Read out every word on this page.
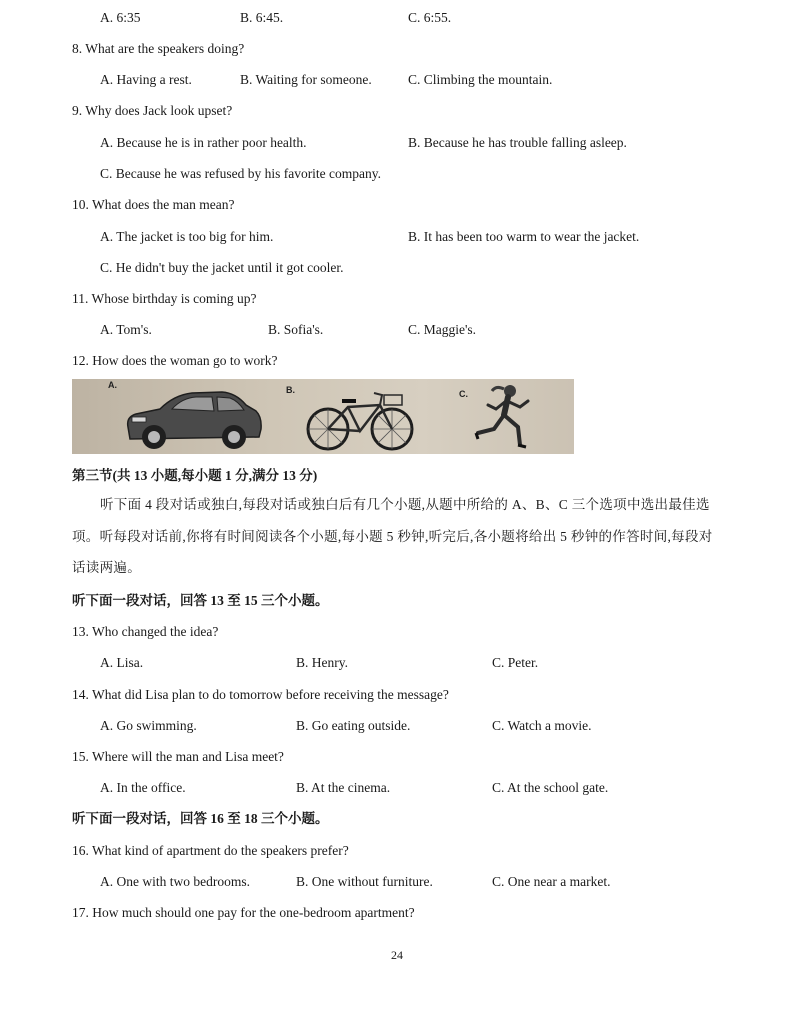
A. 6:35	B. 6:45.	C. 6:55.
8. What are the speakers doing?
A. Having a rest.	B. Waiting for someone.	C. Climbing the mountain.
9. Why does Jack look upset?
A. Because he is in rather poor health.	B. Because he has trouble falling asleep.
C. Because he was refused by his favorite company.
10. What does the man mean?
A. The jacket is too big for him.	B. It has been too warm to wear the jacket.
C. He didn't buy the jacket until it got cooler.
11. Whose birthday is coming up?
A. Tom's.	B. Sofia's.	C. Maggie's.
12. How does the woman go to work?
A.	B.	C.
第三节(共 13 小题,每小题 1 分,满分 13 分)
听下面 4 段对话或独白,每段对话或独白后有几个小题,从题中所给的 A、B、C 三个选项中选出最佳选项。听每段对话前,你将有时间阅读各个小题,每小题 5 秒钟,听完后,各小题将给出 5 秒钟的作答时间,每段对话读两遍。
听下面一段对话，回答 13 至 15 三个小题。
13. Who changed the idea?
A. Lisa.	B. Henry.	C. Peter.
14. What did Lisa plan to do tomorrow before receiving the message?
A. Go swimming.	B. Go eating outside.	C. Watch a movie.
15. Where will the man and Lisa meet?
A. In the office.	B. At the cinema.	C. At the school gate.
听下面一段对话，回答 16 至 18 三个小题。
16. What kind of apartment do the speakers prefer?
A. One with two bedrooms.	B. One without furniture.	C. One near a market.
17. How much should one pay for the one-bedroom apartment?
24
